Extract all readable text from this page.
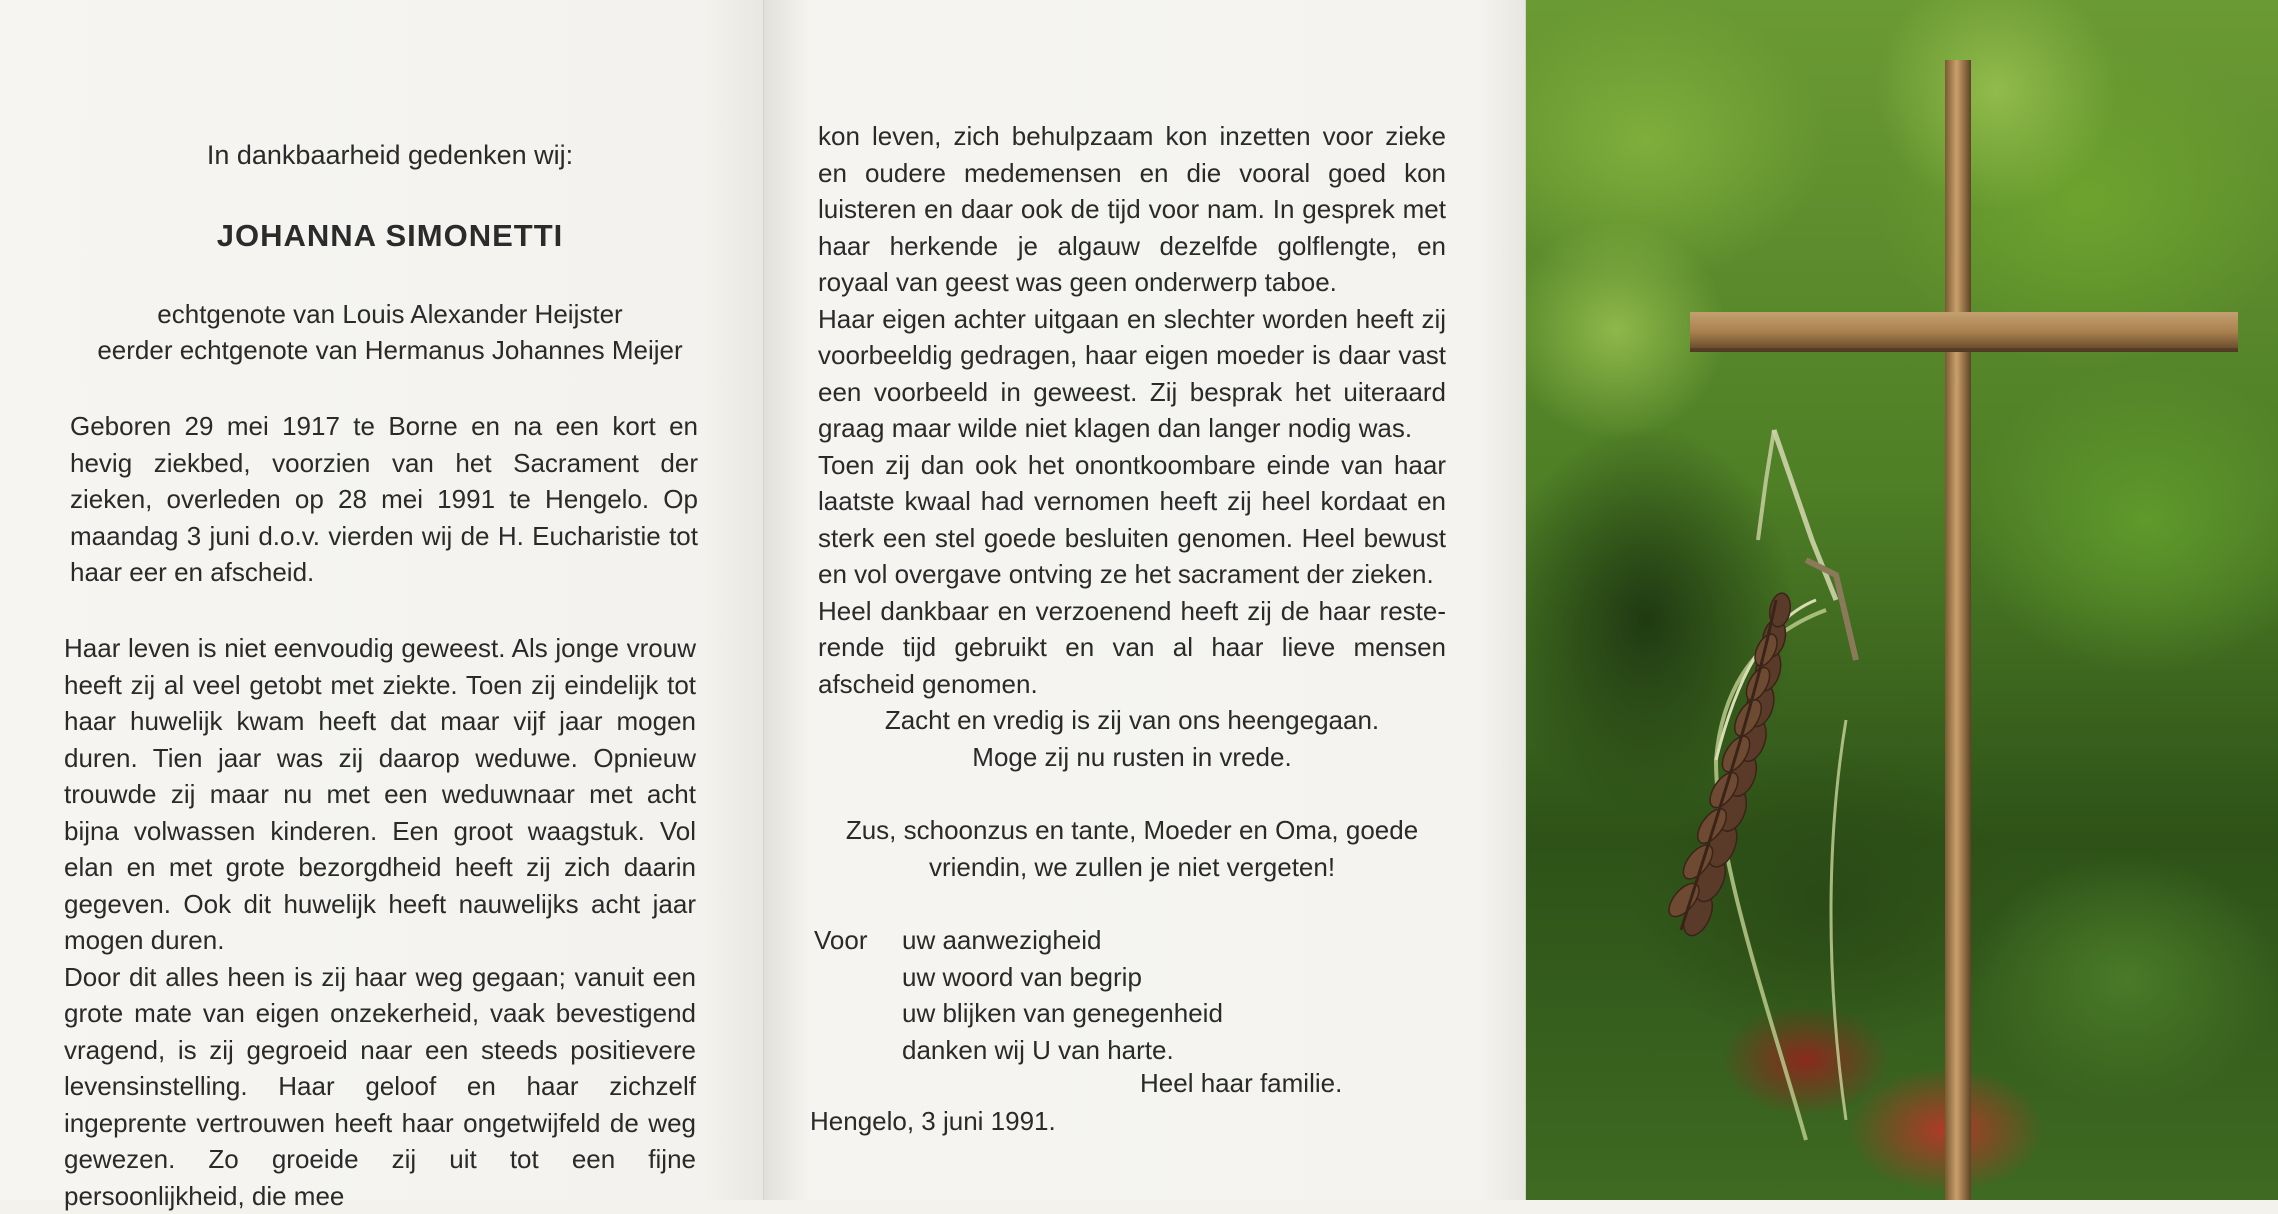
In dankbaarheid gedenken wij:
JOHANNA SIMONETTI
echtgenote van Louis Alexander Heijster
eerder echtgenote van Hermanus Johannes Meijer
Geboren 29 mei 1917 te Borne en na een kort en hevig ziekbed, voorzien van het Sacrament der zieken, overleden op 28 mei 1991 te Hengelo. Op maandag 3 juni d.o.v. vierden wij de H. Eucharistie tot haar eer en afscheid.

Haar leven is niet eenvoudig geweest. Als jonge vrouw heeft zij al veel getobt met ziekte. Toen zij eindelijk tot haar huwelijk kwam heeft dat maar vijf jaar mogen duren. Tien jaar was zij daarop weduwe. Opnieuw trouwde zij maar nu met een weduwnaar met acht bijna volwassen kinderen. Een groot waagstuk. Vol elan en met grote bezorgdheid heeft zij zich daarin gegeven. Ook dit huwelijk heeft nauwelijks acht jaar mogen duren.

Door dit alles heen is zij haar weg gegaan; vanuit een grote mate van eigen onzekerheid, vaak bevestigend vragend, is zij gegroeid naar een steeds positievere levensinstelling. Haar geloof en haar zichzelf ingeprente vertrouwen heeft haar ongetwijfeld de weg gewezen. Zo groeide zij uit tot een fijne persoonlijkheid, die mee

kon leven, zich behulpzaam kon inzetten voor zieke en oudere medemensen en die vooral goed kon luisteren en daar ook de tijd voor nam. In gesprek met haar herkende je algauw dezelfde golflengte, en royaal van geest was geen onderwerp taboe.

Haar eigen achter uitgaan en slechter worden heeft zij voorbeeldig gedragen, haar eigen moeder is daar vast een voorbeeld in geweest. Zij besprak het uiteraard graag maar wilde niet klagen dan langer nodig was.

Toen zij dan ook het onontkoombare einde van haar laatste kwaal had vernomen heeft zij heel kordaat en sterk een stel goede besluiten genomen. Heel bewust en vol overgave ontving ze het sacrament der zieken.

Heel dankbaar en verzoenend heeft zij de haar reste-rende tijd gebruikt en van al haar lieve mensen afscheid genomen.

Zacht en vredig is zij van ons heengegaan.
Moge zij nu rusten in vrede.
Zus, schoonzus en tante, Moeder en Oma, goede
vriendin, we zullen je niet vergeten!
Voor uw aanwezigheid
uw woord van begrip
uw blijken van genegenheid
danken wij U van harte.
Heel haar familie.
Hengelo, 3 juni 1991.
